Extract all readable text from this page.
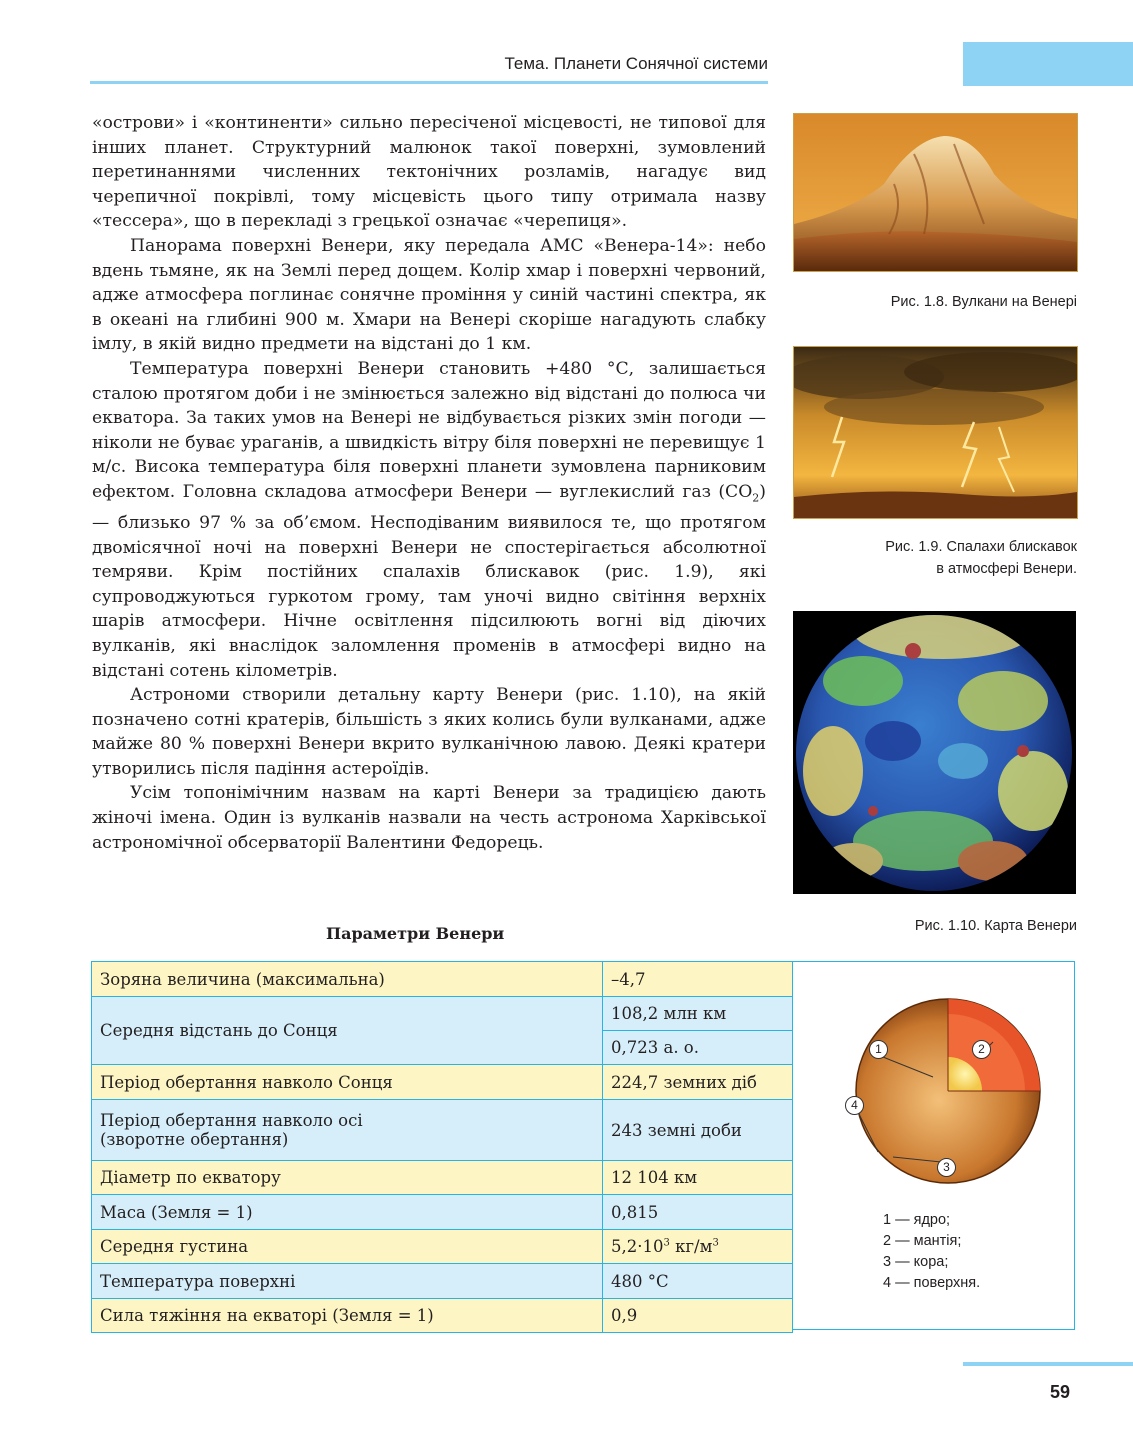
Тема. Планети Сонячної системи

«острови» і «континенти» сильно пересіченої місцевості, не типової для інших планет. Структурний малюнок такої поверхні, зумовлений перетинаннями численних тектонічних розламів, нагадує вид черепичної покрівлі, тому місцевість цього типу отримала назву «тессера», що в перекладі з грецької означає «черепиця».

Панорама поверхні Венери, яку передала АМС «Венера-14»: небо вдень тьмяне, як на Землі перед дощем. Колір хмар і поверхні червоний, адже атмосфера поглинає сонячне проміння у синій частині спектра, як в океані на глибині 900 м. Хмари на Венері скоріше нагадують слабку імлу, в якій видно предмети на відстані до 1 км.

Температура поверхні Венери становить +480 °С, залишається сталою протягом доби і не змінюється залежно від відстані до полюса чи екватора. За таких умов на Венері не відбувається різких змін погоди — ніколи не буває ураганів, а швидкість вітру біля поверхні не перевищує 1 м/с. Висока температура біля поверхні планети зумовлена парниковим ефектом. Головна складова атмосфери Венери — вуглекислий газ $(CO_2)$ — близько 97 % за об’ємом. Несподіваним виявилося те, що протягом двомісячної ночі на поверхні Венери не спостерігається абсолютної темряви. Крім постійних спалахів блискавок (рис. 1.9), які супроводжуються гуркотом грому, там уночі видно світіння верхніх шарів атмосфери. Нічне освітлення підсилюють вогні від діючих вулканів, які внаслідок заломлення променів в атмосфері видно на відстані сотень кілометрів.

Астрономи створили детальну карту Венери (рис. 1.10), на якій позначено сотні кратерів, більшість з яких колись були вулканами, адже майже 80 % поверхні Венери вкрито вулканічною лавою. Деякі кратери утворились після падіння астероїдів.

Усім топонімічним назвам на карті Венери за традицією дають жіночі імена. Один із вулканів назвали на честь астронома Харківської астрономічної обсерваторії Валентини Федорець.

Рис. 1.8. Вулкани на Венері
Рис. 1.9. Спалахи блискавок
в атмосфері Венери.
Рис. 1.10. Карта Венери
Параметри Венери
Зоряна величина (максимальна)	–4,7
Середня відстань до Сонця	108,2 млн км
	0,723 а. о.
Період обертання навколо Сонця	224,7 земних діб

Період обертання навколо осі
(зворотне обертання)	243 земні доби
Діаметр по екватору	12 104 км
Маса (Земля = 1)	0,815
Середня густина	$5,2\cdot 10^3$ $кг/м^3$
Температура поверхні	480 °С
Сила тяжіння на екваторі (Земля = 1)	0,9
1	2
3
4
1 — ядро;
2 — мантія;
3 — кора;
4 — поверхня.
59
